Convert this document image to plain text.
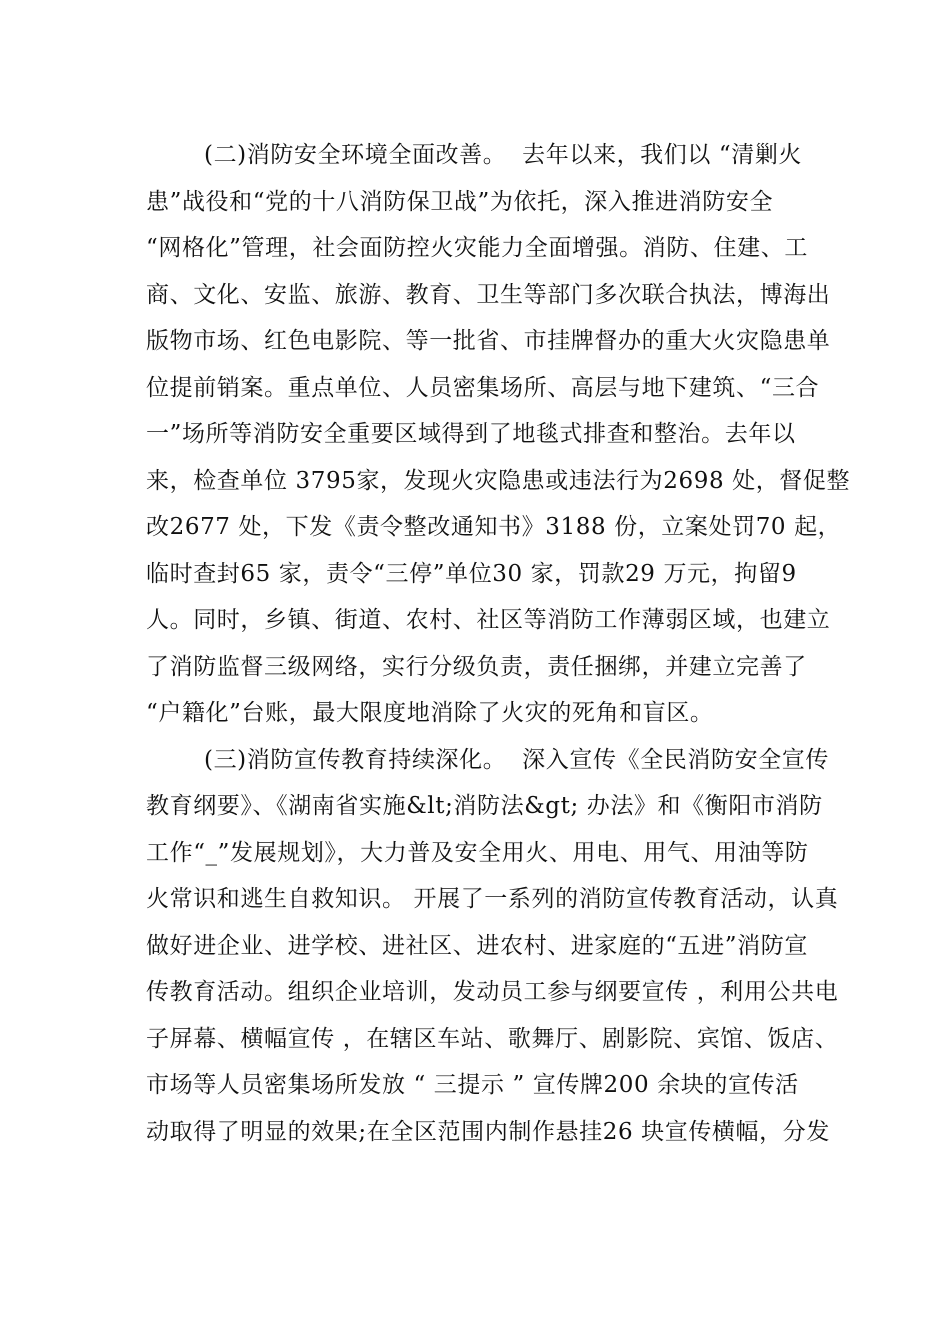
(二)消防安全环境全面改善。  去年以来，我们以 “清剿火
患”战役和“党的十八消防保卫战”为依托，深入推进消防安全
“网格化”管理，社会面防控火灾能力全面增强。消防、住建、工
商、文化、安监、旅游、教育、卫生等部门多次联合执法，博海出
版物市场、红色电影院、等一批省、市挂牌督办的重大火灾隐患单
位提前销案。重点单位、人员密集场所、高层与地下建筑、“三合
一”场所等消防安全重要区域得到了地毯式排查和整治。去年以
来，检查单位 3795家，发现火灾隐患或违法行为2698 处，督促整
改2677 处，下发《责令整改通知书》3188 份，立案处罚70 起，
临时查封65 家，责令“三停”单位30 家，罚款29 万元，拘留9
人。同时，乡镇、街道、农村、社区等消防工作薄弱区域，也建立
了消防监督三级网络，实行分级负责，责任捆绑，并建立完善了
“户籍化”台账，最大限度地消除了火灾的死角和盲区。
(三)消防宣传教育持续深化。  深入宣传《全民消防安全宣传
教育纲要》、《湖南省实施&lt;消防法&gt; 办法》和《衡阳市消防
工作“_”发展规划》，大力普及安全用火、用电、用气、用油等防
火常识和逃生自救知识。 开展了一系列的消防宣传教育活动，认真
做好进企业、进学校、进社区、进农村、进家庭的“五进”消防宣
传教育活动。组织企业培训，发动员工参与纲要宣传 ，利用公共电
子屏幕、横幅宣传 ，在辖区车站、歌舞厅、剧影院、宾馆、饭店、
市场等人员密集场所发放 “ 三提示 ” 宣传牌200 余块的宣传活
动取得了明显的效果;在全区范围内制作悬挂26 块宣传横幅，分发
